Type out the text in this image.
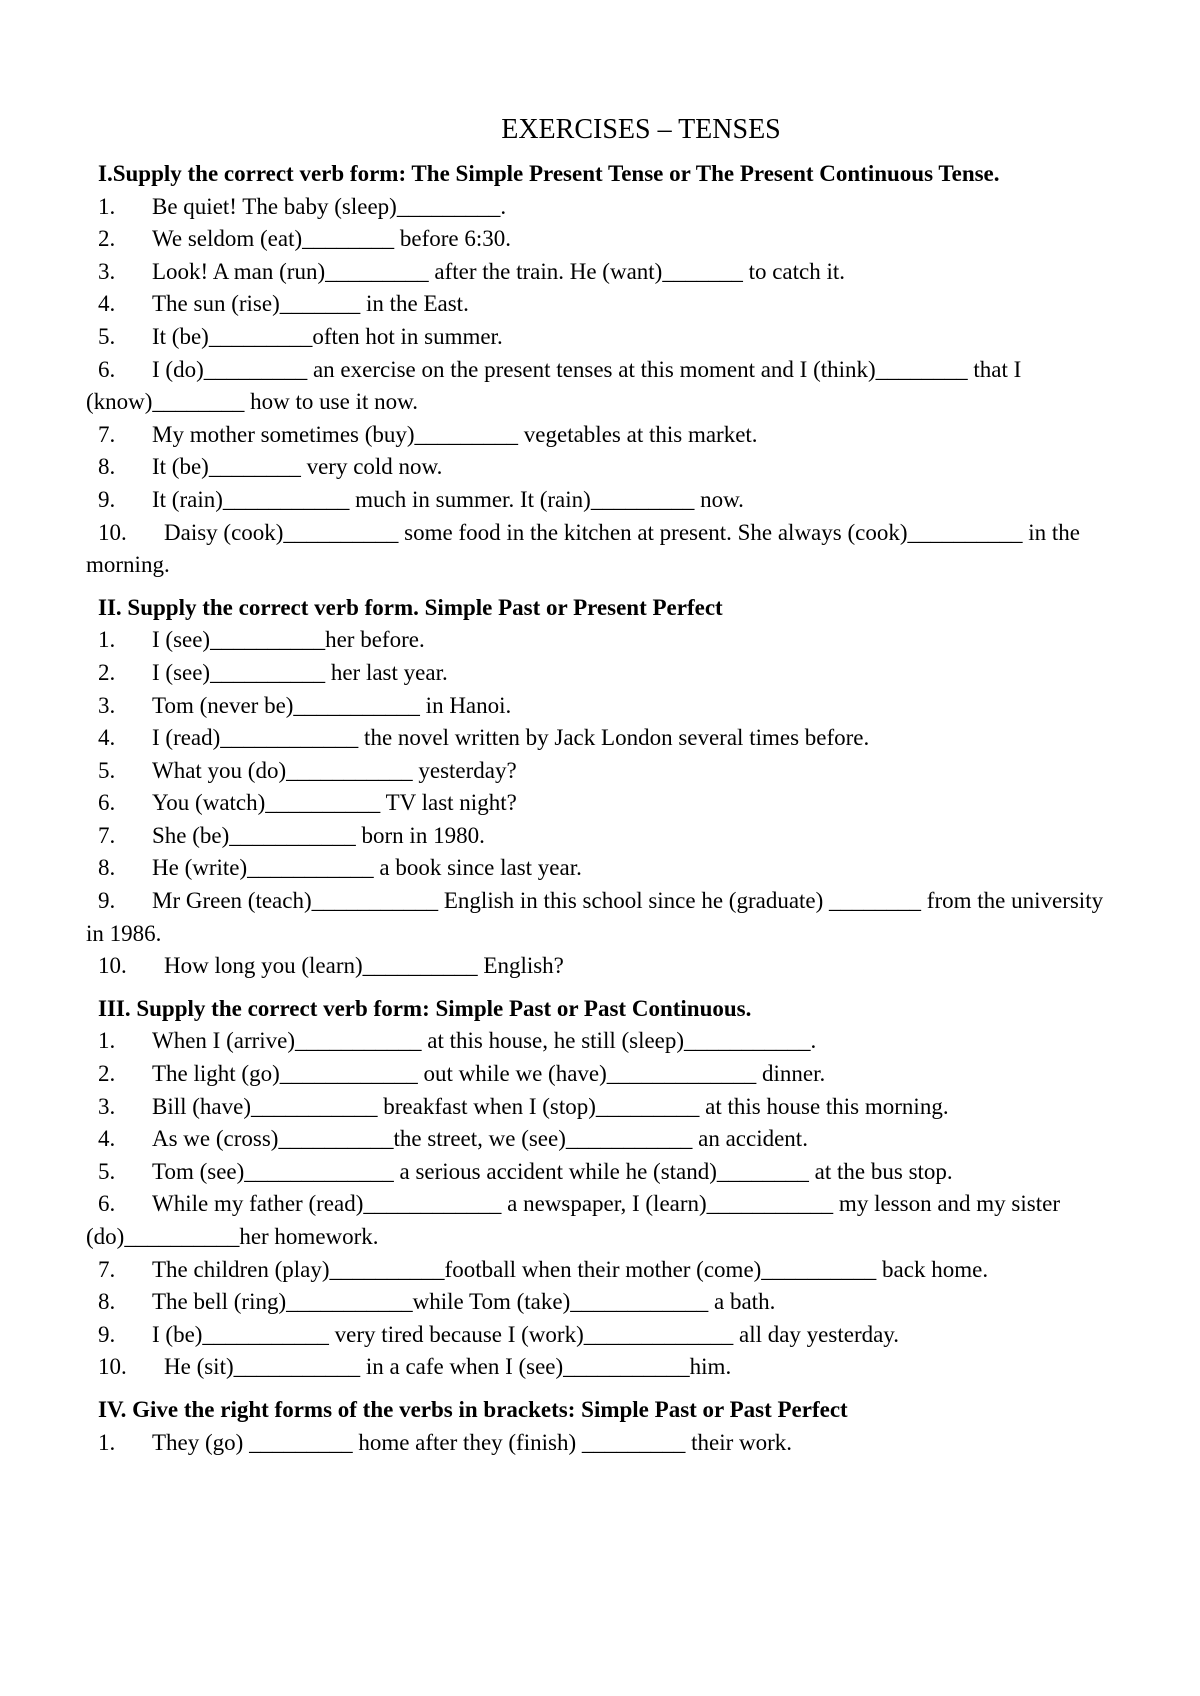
EXERCISES – TENSES

I.Supply the correct verb form: The Simple Present Tense or The Present Continuous Tense.

1. Be quiet! The baby (sleep)_________.
2. We seldom (eat)________ before 6:30.
3. Look! A man (run)_________ after the train. He (want)_______ to catch it.
4. The sun (rise)_______ in the East.
5. It (be)_________often hot in summer.
6. I (do)_________ an exercise on the present tenses at this moment and I (think)________ that I (know)________ how to use it now.
7. My mother sometimes (buy)_________ vegetables at this market.
8. It (be)________ very cold now.
9. It (rain)___________ much in summer. It (rain)_________ now.
10. Daisy (cook)__________ some food in the kitchen at present. She always (cook)__________ in the morning.

II. Supply the correct verb form. Simple Past or Present Perfect

1. I (see)__________her before.
2. I (see)__________ her last year.
3. Tom (never be)___________ in Hanoi.
4. I (read)____________ the novel written by Jack London several times before.
5. What you (do)___________ yesterday?
6. You (watch)__________ TV last night?
7. She (be)___________ born in 1980.
8. He (write)___________ a book since last year.
9. Mr Green (teach)___________ English in this school since he (graduate) ________ from the university in 1986.
10. How long you (learn)__________ English?

III. Supply the correct verb form: Simple Past or Past Continuous.

1. When I (arrive)___________ at this house, he still (sleep)___________.
2. The light (go)____________ out while we (have)_____________ dinner.
3. Bill (have)___________ breakfast when I (stop)_________ at this house this morning.
4. As we (cross)__________the street, we (see)___________ an accident.
5. Tom (see)_____________ a serious accident while he (stand)________ at the bus stop.
6. While my father (read)____________ a newspaper, I (learn)___________ my lesson and my sister (do)__________her homework.
7. The children (play)__________football when their mother (come)__________ back home.
8. The bell (ring)___________while Tom (take)____________ a bath.
9. I (be)___________ very tired because I (work)_____________ all day yesterday.
10. He (sit)___________ in a cafe when I (see)___________him.

IV. Give the right forms of the verbs in brackets: Simple Past or Past Perfect

1. They (go) _________ home after they (finish) _________ their work.
